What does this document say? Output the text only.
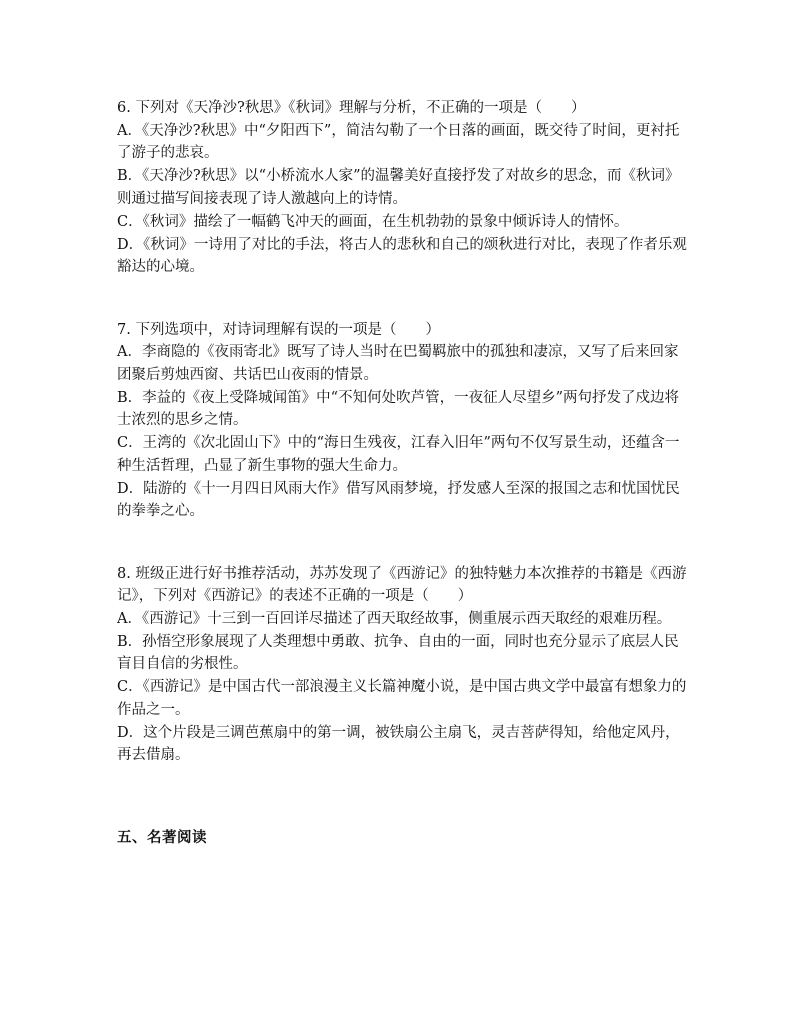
6. 下列对《天净沙?秋思》《秋词》理解与分析，不正确的一项是（　　）

A．《天净沙?秋思》中“夕阳西下”，简洁勾勒了一个日落的画面，既交待了时间，更衬托了游子的悲哀。

B．《天净沙?秋思》以“小桥流水人家”的温馨美好直接抒发了对故乡的思念，而《秋词》则通过描写间接表现了诗人激越向上的诗情。

C．《秋词》描绘了一幅鹤飞冲天的画面，在生机勃勃的景象中倾诉诗人的情怀。

D．《秋词》一诗用了对比的手法，将古人的悲秋和自己的颂秋进行对比，表现了作者乐观豁达的心境。

7. 下列选项中，对诗词理解有误的一项是（　　）

A．李商隐的《夜雨寄北》既写了诗人当时在巴蜀羁旅中的孤独和凄凉，又写了后来回家团聚后剪烛西窗、共话巴山夜雨的情景。

B．李益的《夜上受降城闻笛》中“不知何处吹芦管，一夜征人尽望乡”两句抒发了戍边将士浓烈的思乡之情。

C．王湾的《次北固山下》中的“海日生残夜，江春入旧年”两句不仅写景生动，还蕴含一种生活哲理，凸显了新生事物的强大生命力。

D．陆游的《十一月四日风雨大作》借写风雨梦境，抒发感人至深的报国之志和忧国忧民的拳拳之心。

8. 班级正进行好书推荐活动，苏苏发现了《西游记》的独特魅力本次推荐的书籍是《西游记》，下列对《西游记》的表述不正确的一项是（　　）

A．《西游记》十三到一百回详尽描述了西天取经故事，侧重展示西天取经的艰难历程。

B．孙悟空形象展现了人类理想中勇敢、抗争、自由的一面，同时也充分显示了底层人民盲目自信的劣根性。

C．《西游记》是中国古代一部浪漫主义长篇神魔小说，是中国古典文学中最富有想象力的作品之一。

D．这个片段是三调芭蕉扇中的第一调，被铁扇公主扇飞，灵吉菩萨得知，给他定风丹，再去借扇。

五、名著阅读
